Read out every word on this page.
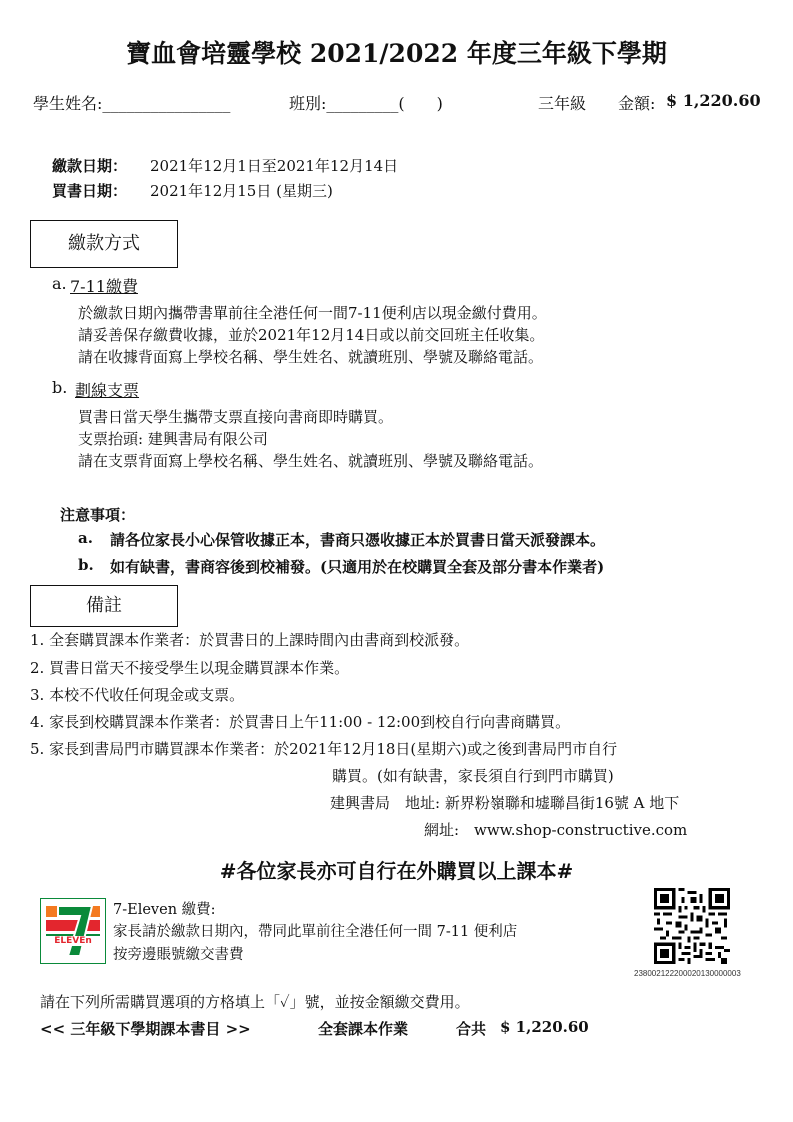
寶血會培靈學校 2021/2022 年度三年級下學期
學生姓名:________________	班別:_________(　　)	三年級 金額: $ 1,220.60
繳款日期： 2021年12月1日至2021年12月14日
買書日期： 2021年12月15日 (星期三)
繳款方式
a. 7-11繳費
於繳款日期內攜帶書單前往全港任何一間7-11便利店以現金繳付費用。
請妥善保存繳費收據，並於2021年12月14日或以前交回班主任收集。
請在收據背面寫上學校名稱、學生姓名、就讀班別、學號及聯絡電話。
b. 劃線支票
買書日當天學生攜帶支票直接向書商即時購買。
支票抬頭: 建興書局有限公司
請在支票背面寫上學校名稱、學生姓名、就讀班別、學號及聯絡電話。
注意事項：
a. 請各位家長小心保管收據正本，書商只憑收據正本於買書日當天派發課本。
b. 如有缺書，書商容後到校補發。(只適用於在校購買全套及部分書本作業者)
備註
1. 全套購買課本作業者：於買書日的上課時間內由書商到校派發。
2. 買書日當天不接受學生以現金購買課本作業。
3. 本校不代收任何現金或支票。
4. 家長到校購買課本作業者：於買書日上午11:00 - 12:00到校自行向書商購買。
5. 家長到書局門市購買課本作業者：於2021年12月18日(星期六)或之後到書局門市自行
購買。(如有缺書，家長須自行到門市購買)
建興書局　地址: 新界粉嶺聯和墟聯昌街16號 A 地下
網址:　www.shop-constructive.com
#各位家長亦可自行在外購買以上課本#
ELEVEn
7-Eleven 繳費:
家長請於繳款日期內，帶同此單前往全港任何一間 7-11 便利店
按旁邊賬號繳交書費
238002122200020130000003
請在下列所需購買選項的方格填上「✓」號，並按金額繳交費用。
<< 三年級下學期課本書目 >>	全套課本作業	合共 $ 1,220.60
